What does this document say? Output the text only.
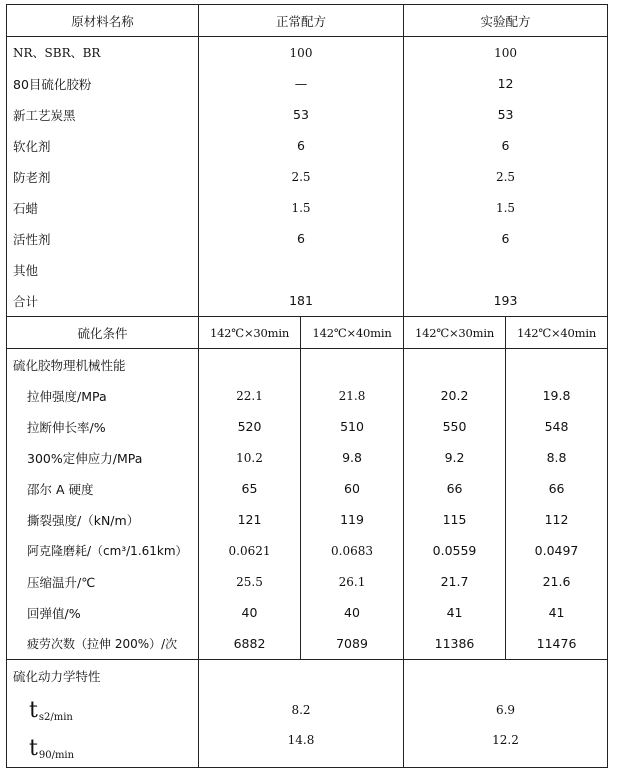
原材料名称	正常配方		实验配方	
NR、SBR、BR	100		100	
80目硫化胶粉	—		12	
新工艺炭黑	53		53	
软化剂	6		6	
防老剂	2.5		2.5	
石蜡	1.5		1.5	
活性剂	6		6	
其他				
合计	181		193	
硫化条件	142℃×30min	142℃×40min	142℃×30min	142℃×40min
硫化胶物理机械性能				
拉伸强度/MPa	22.1	21.8	20.2	19.8
拉断伸长率/%	520	510	550	548
300%定伸应力/MPa	10.2	9.8	9.2	8.8
邵尔 A 硬度	65	60	66	66
撕裂强度/（kN/m）	121	119	115	112
阿克隆磨耗/（cm³/1.61km）	0.0621	0.0683	0.0559	0.0497
压缩温升/℃	25.5	26.1	21.7	21.6
回弹值/%	40	40	41	41
疲劳次数（拉伸 200%）/次	6882	7089	11386	11476
硫化动力学特性				
$t_{s2/min}$	8.2		6.9	
$t_{90/min}$	14.8		12.2	
